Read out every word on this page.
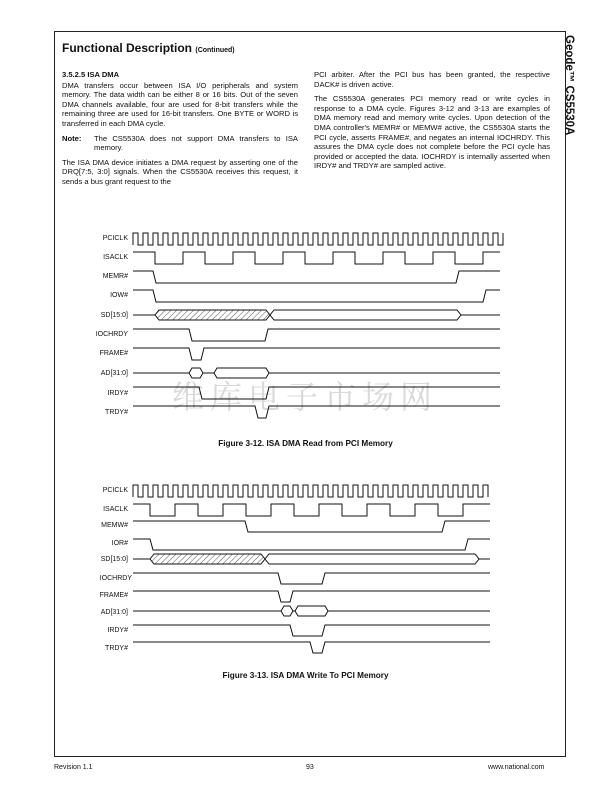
Geode™ CS5530A
Functional Description (Continued)
3.5.2.5 ISA DMA

DMA transfers occur between ISA I/O peripherals and system memory. The data width can be either 8 or 16 bits. Out of the seven DMA channels available, four are used for 8-bit transfers while the remaining three are used for 16-bit transfers. One BYTE or WORD is transferred in each DMA cycle.

Note:	The CS5530A does not support DMA transfers to ISA memory.

The ISA DMA device initiates a DMA request by asserting one of the DRQ[7:5, 3:0] signals. When the CS5530A receives this request, it sends a bus grant request to the

PCI arbiter. After the PCI bus has been granted, the respective DACK# is driven active.

The CS5530A generates PCI memory read or write cycles in response to a DMA cycle. Figures 3-12 and 3-13 are examples of DMA memory read and memory write cycles. Upon detection of the DMA controller's MEMR# or MEMW# active, the CS5530A starts the PCI cycle, asserts FRAME#, and negates an internal IOCHRDY. This assures the DMA cycle does not complete before the PCI cycle has provided or accepted the data. IOCHRDY is internally asserted when IRDY# and TRDY# are sampled active.

维库电子市场网
PCICLK
ISACLK
MEMR#
IOW#
SD[15:0]
IOCHRDY
FRAME#
AD[31:0]
IRDY#
TRDY#
PCICLK
ISACLK
MEMW#
IOR#
SD[15:0]
IOCHRDY
FRAME#
AD[31:0]
IRDY#
TRDY#
Figure 3-12. ISA DMA Read from PCI Memory
Figure 3-13. ISA DMA Write To PCI Memory
Revision 1.1	93	www.national.com
